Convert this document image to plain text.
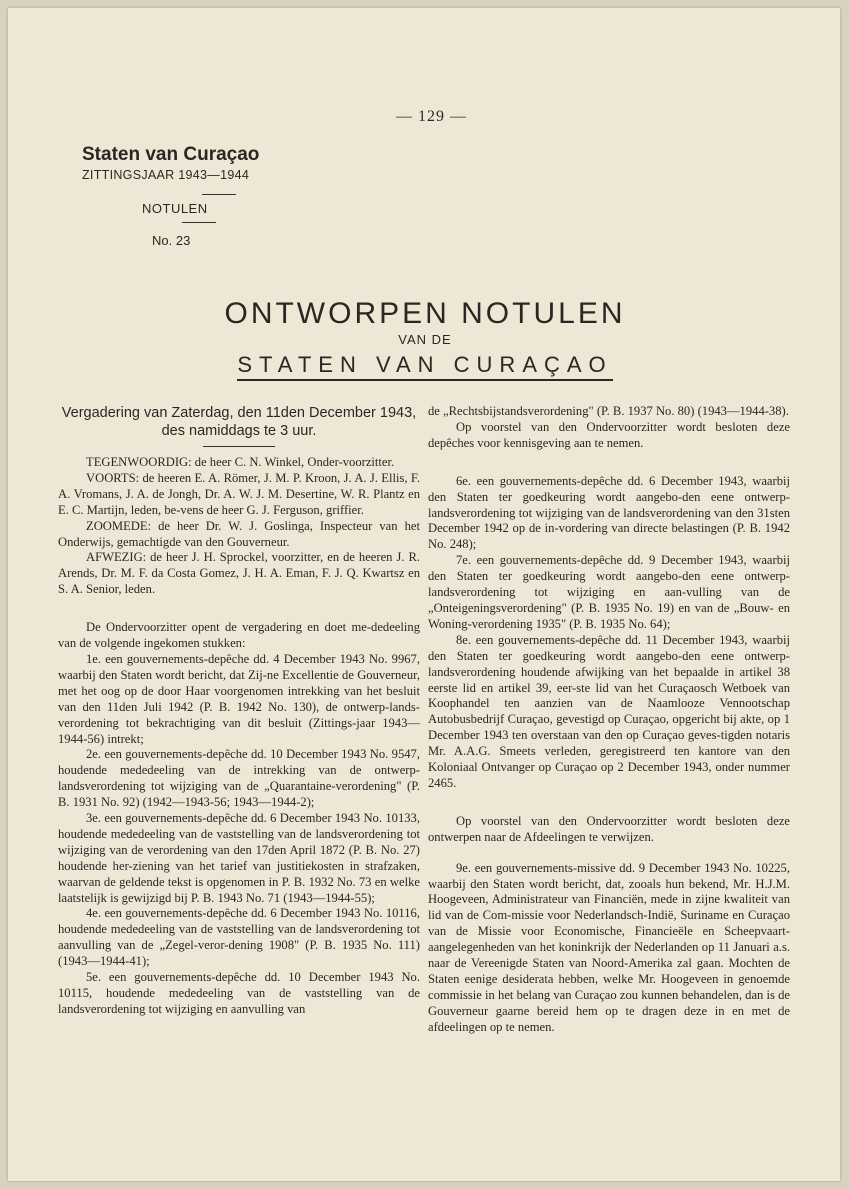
— 129 —
Staten van Curaçao
ZITTINGSJAAR 1943—1944
NOTULEN
No. 23
ONTWORPEN NOTULEN
VAN DE
STATEN VAN CURAÇAO
Vergadering van Zaterdag, den 11den December 1943, des namiddags te 3 uur.

TEGENWOORDIG: de heer C. N. Winkel, Onder-voorzitter.

VOORTS: de heeren E. A. Römer, J. M. P. Kroon, J. A. J. Ellis, F. A. Vromans, J. A. de Jongh, Dr. A. W. J. M. Desertine, W. R. Plantz en E. C. Martijn, leden, be-vens de heer G. J. Ferguson, griffier.

ZOOMEDE: de heer Dr. W. J. Goslinga, Inspecteur van het Onderwijs, gemachtigde van den Gouverneur.

AFWEZIG: de heer J. H. Sprockel, voorzitter, en de heeren J. R. Arends, Dr. M. F. da Costa Gomez, J. H. A. Eman, F. J. Q. Kwartsz en S. A. Senior, leden.

De Ondervoorzitter opent de vergadering en doet me-dedeeling van de volgende ingekomen stukken:

1e. een gouvernements-depêche dd. 4 December 1943 No. 9967, waarbij den Staten wordt bericht, dat Zij-ne Excellentie de Gouverneur, met het oog op de door Haar voorgenomen intrekking van het besluit van den 11den Juli 1942 (P. B. 1942 No. 130), de ontwerp-lands-verordening tot bekrachtiging van dit besluit (Zittings-jaar 1943—1944-56) intrekt;

2e. een gouvernements-depêche dd. 10 December 1943 No. 9547, houdende mededeeling van de intrekking van de ontwerp-landsverordening tot wijziging van de „Quarantaine-verordening" (P. B. 1931 No. 92) (1942—1943-56; 1943—1944-2);

3e. een gouvernements-depêche dd. 6 December 1943 No. 10133, houdende mededeeling van de vaststelling van de landsverordening tot wijziging van de verordening van den 17den April 1872 (P. B. No. 27) houdende her-ziening van het tarief van justitiekosten in strafzaken, waarvan de geldende tekst is opgenomen in P. B. 1932 No. 73 en welke laatstelijk is gewijzigd bij P. B. 1943 No. 71 (1943—1944-55);

4e. een gouvernements-depêche dd. 6 December 1943 No. 10116, houdende mededeeling van de vaststelling van de landsverordening tot aanvulling van de „Zegel-veror-dening 1908" (P. B. 1935 No. 111) (1943—1944-41);

5e. een gouvernements-depêche dd. 10 December 1943 No. 10115, houdende mededeeling van de vaststelling van de landsverordening tot wijziging en aanvulling van

de „Rechtsbijstandsverordening" (P. B. 1937 No. 80) (1943—1944-38).

Op voorstel van den Ondervoorzitter wordt besloten deze depêches voor kennisgeving aan te nemen.

6e. een gouvernements-depêche dd. 6 December 1943, waarbij den Staten ter goedkeuring wordt aangebo-den eene ontwerp-landsverordening tot wijziging van de landsverordening van den 31sten December 1942 op de in-vordering van directe belastingen (P. B. 1942 No. 248);

7e. een gouvernements-depêche dd. 9 December 1943, waarbij den Staten ter goedkeuring wordt aangebo-den eene ontwerp-landsverordening tot wijziging en aan-vulling van de „Onteigeningsverordening" (P. B. 1935 No. 19) en van de „Bouw- en Woning-verordening 1935" (P. B. 1935 No. 64);

8e. een gouvernements-depêche dd. 11 December 1943, waarbij den Staten ter goedkeuring wordt aangebo-den eene ontwerp-landsverordening houdende afwijking van het bepaalde in artikel 38 eerste lid en artikel 39, eer-ste lid van het Curaçaosch Wetboek van Koophandel ten aanzien van de Naamlooze Vennootschap Autobusbedrijf Curaçao, gevestigd op Curaçao, opgericht bij akte, op 1 December 1943 ten overstaan van den op Curaçao geves-tigden notaris Mr. A.A.G. Smeets verleden, geregistreerd ten kantore van den Koloniaal Ontvanger op Curaçao op 2 December 1943, onder nummer 2465.

Op voorstel van den Ondervoorzitter wordt besloten deze ontwerpen naar de Afdeelingen te verwijzen.

9e. een gouvernements-missive dd. 9 December 1943 No. 10225, waarbij den Staten wordt bericht, dat, zooals hun bekend, Mr. H.J.M. Hoogeveen, Administrateur van Financiën, mede in zijne kwaliteit van lid van de Com-missie voor Nederlandsch-Indië, Suriname en Curaçao van de Missie voor Economische, Financieële en Scheepvaart-aangelegenheden van het koninkrijk der Nederlanden op 11 Januari a.s. naar de Vereenigde Staten van Noord-Amerika zal gaan. Mochten de Staten eenige desiderata hebben, welke Mr. Hoogeveen in genoemde commissie in het belang van Curaçao zou kunnen behandelen, dan is de Gouverneur gaarne bereid hem op te dragen deze in en met de afdeelingen op te nemen.
